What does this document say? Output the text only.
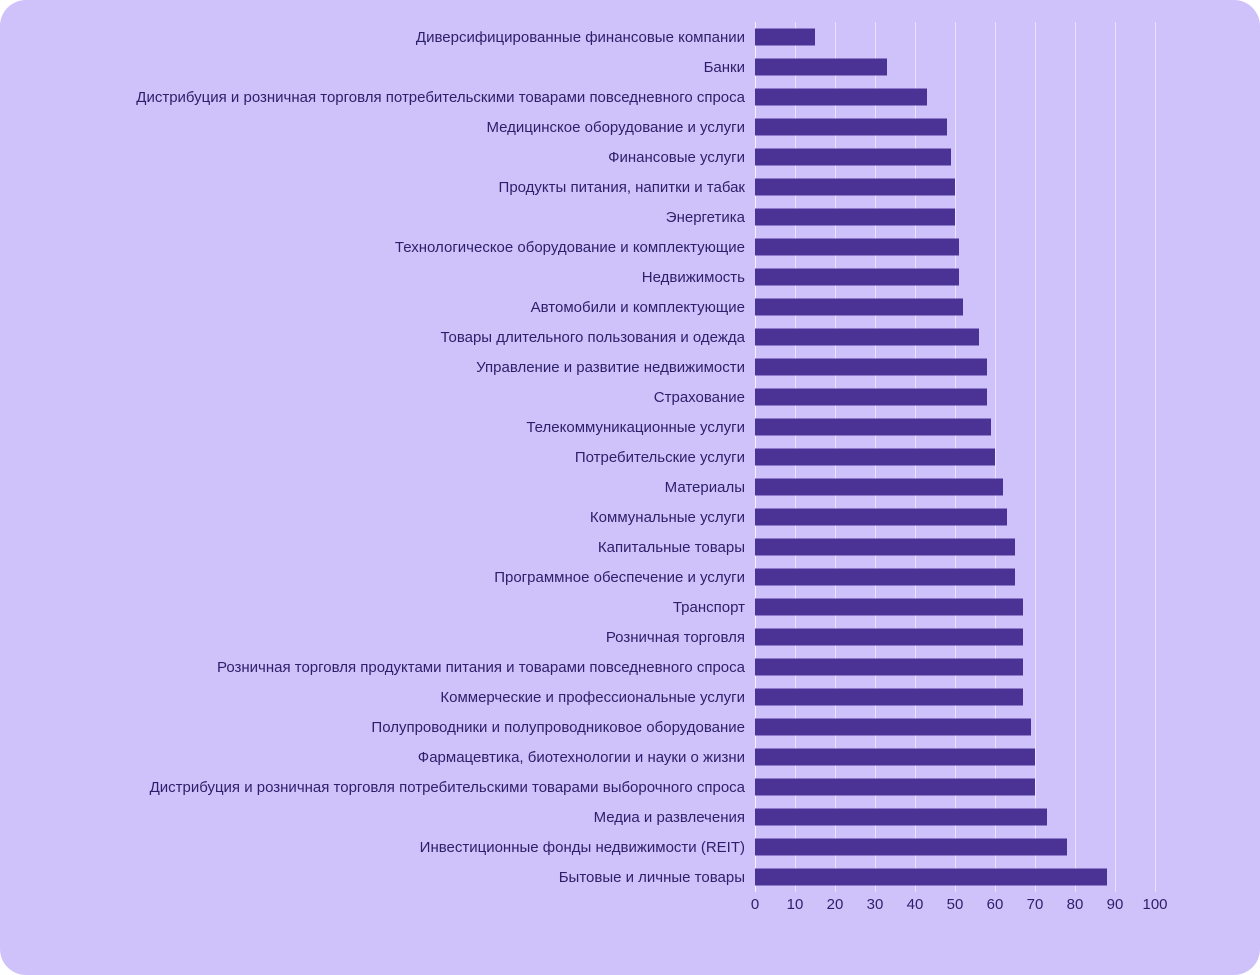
Диверсифицированные финансовые компании
Банки
Дистрибуция и розничная торговля потребительскими товарами повседневного спроса
Медицинское оборудование и услуги
Финансовые услуги
Продукты питания, напитки и табак
Энергетика
Технологическое оборудование и комплектующие
Недвижимость
Автомобили и комплектующие
Товары длительного пользования и одежда
Управление и развитие недвижимости
Страхование
Телекоммуникационные услуги
Потребительские услуги
Материалы
Коммунальные услуги
Капитальные товары
Программное обеспечение и услуги
Транспорт
Розничная торговля
Розничная торговля продуктами питания и товарами повседневного спроса
Коммерческие и профессиональные услуги
Полупроводники и полупроводниковое оборудование
Фармацевтика, биотехнологии и науки о жизни
Дистрибуция и розничная торговля потребительскими товарами выборочного спроса
Медиа и развлечения
Инвестиционные фонды недвижимости (REIT)
Бытовые и личные товары
0 10 20 30 40 50 60 70 80 90 100
